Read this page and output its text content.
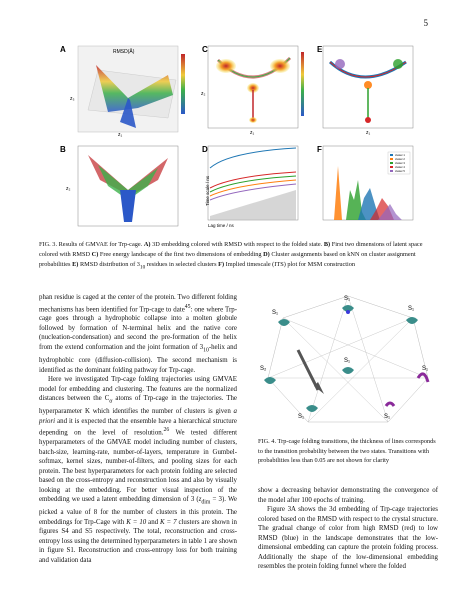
5
RMSD(Å)
z₃
z₁
A
z₂
B
z₂
z₁
C
z₁
E
Lag time / ns
Time scale / ns
D
cluster 1
cluster 2
cluster 3
cluster 4
cluster 5
F
FIG. 3. Results of GMVAE for Trp-cage. A) 3D embedding colored with RMSD with respect to the folded state. B) First two dimensions of latent space colored with RMSD C) Free energy landscape of the first two dimensions of embedding D) Cluster assignments based on kNN on cluster assignment probabilities E) RMSD distribution of $3_{10}$ residues in selected clusters F) Implied timescale (ITS) plot for MSM construction

phan residue is caged at the center of the protein. Two different folding mechanisms has been identified for Trp-cage to date$^{45}$: one where Trp-cage goes through a hydrophobic collapse into a molten globule followed by formation of N-terminal helix and the native core (nucleation-condensation) and second the pre-formation of the helix from the extend conformation and the joint formation of $3_{10}$-helix and hydrophobic core (diffusion-collision). The second mechanism is identified as the dominant folding pathway for Trp-cage.

Here we investigated Trp-cage folding trajectories using GMVAE model for embedding and clustering. The features are the normalized distances between the $C_\alpha$ atoms of Trp-cage in the trajectories. The hyperparameter K which identifies the number of clusters is given a priori and it is expected that the ensemble have a hierarchical structure depending on the level of resolution.$^{26}$ We tested different hyperparameters of the GMVAE model including number of clusters, batch-size, learning-rate, number-of-layers, temperature in Gumbel-softmax, kernel sizes, number-of-filters, and pooling sizes for each protein. The best hyperparameters for each protein folding are selected based on the cross-entropy and reconstruction loss and also by visually looking at the embedding. For better visual inspection of the embedding we used a latent embedding dimension of 3 $(z_{dim} = 3)$. We picked a value of 8 for the number of clusters in this protein. The embeddings for Trp-Cage with K = 10 and K = 7 clusters are shown in figures S4 and S5 respectively. The total, reconstruction and cross-entropy loss using the determined hyperparameters in table 1 are shown in figure S1. Reconstruction and cross-entropy loss for both training and validation data

S₁
S₁
S₁
S₂	S₁
S₁	S₁
S₁
FIG. 4. Trp-cage folding transitions, the thickness of lines corresponds to the transition probability between the two states. Transitions with probabilities less than 0.05 are not shown for clarity

show a decreasing behavior demonstrating the convergence of the model after 100 epochs of training.

Figure 3A shows the 3d embedding of Trp-cage trajectories colored based on the RMSD with respect to the crystal structure. The gradual change of color from high RMSD (red) to low RMSD (blue) in the landscape demonstrates that the low-dimensional embedding can capture the protein folding process. Additionally the shape of the low-dimensional embedding resembles the protein folding funnel where the folded
